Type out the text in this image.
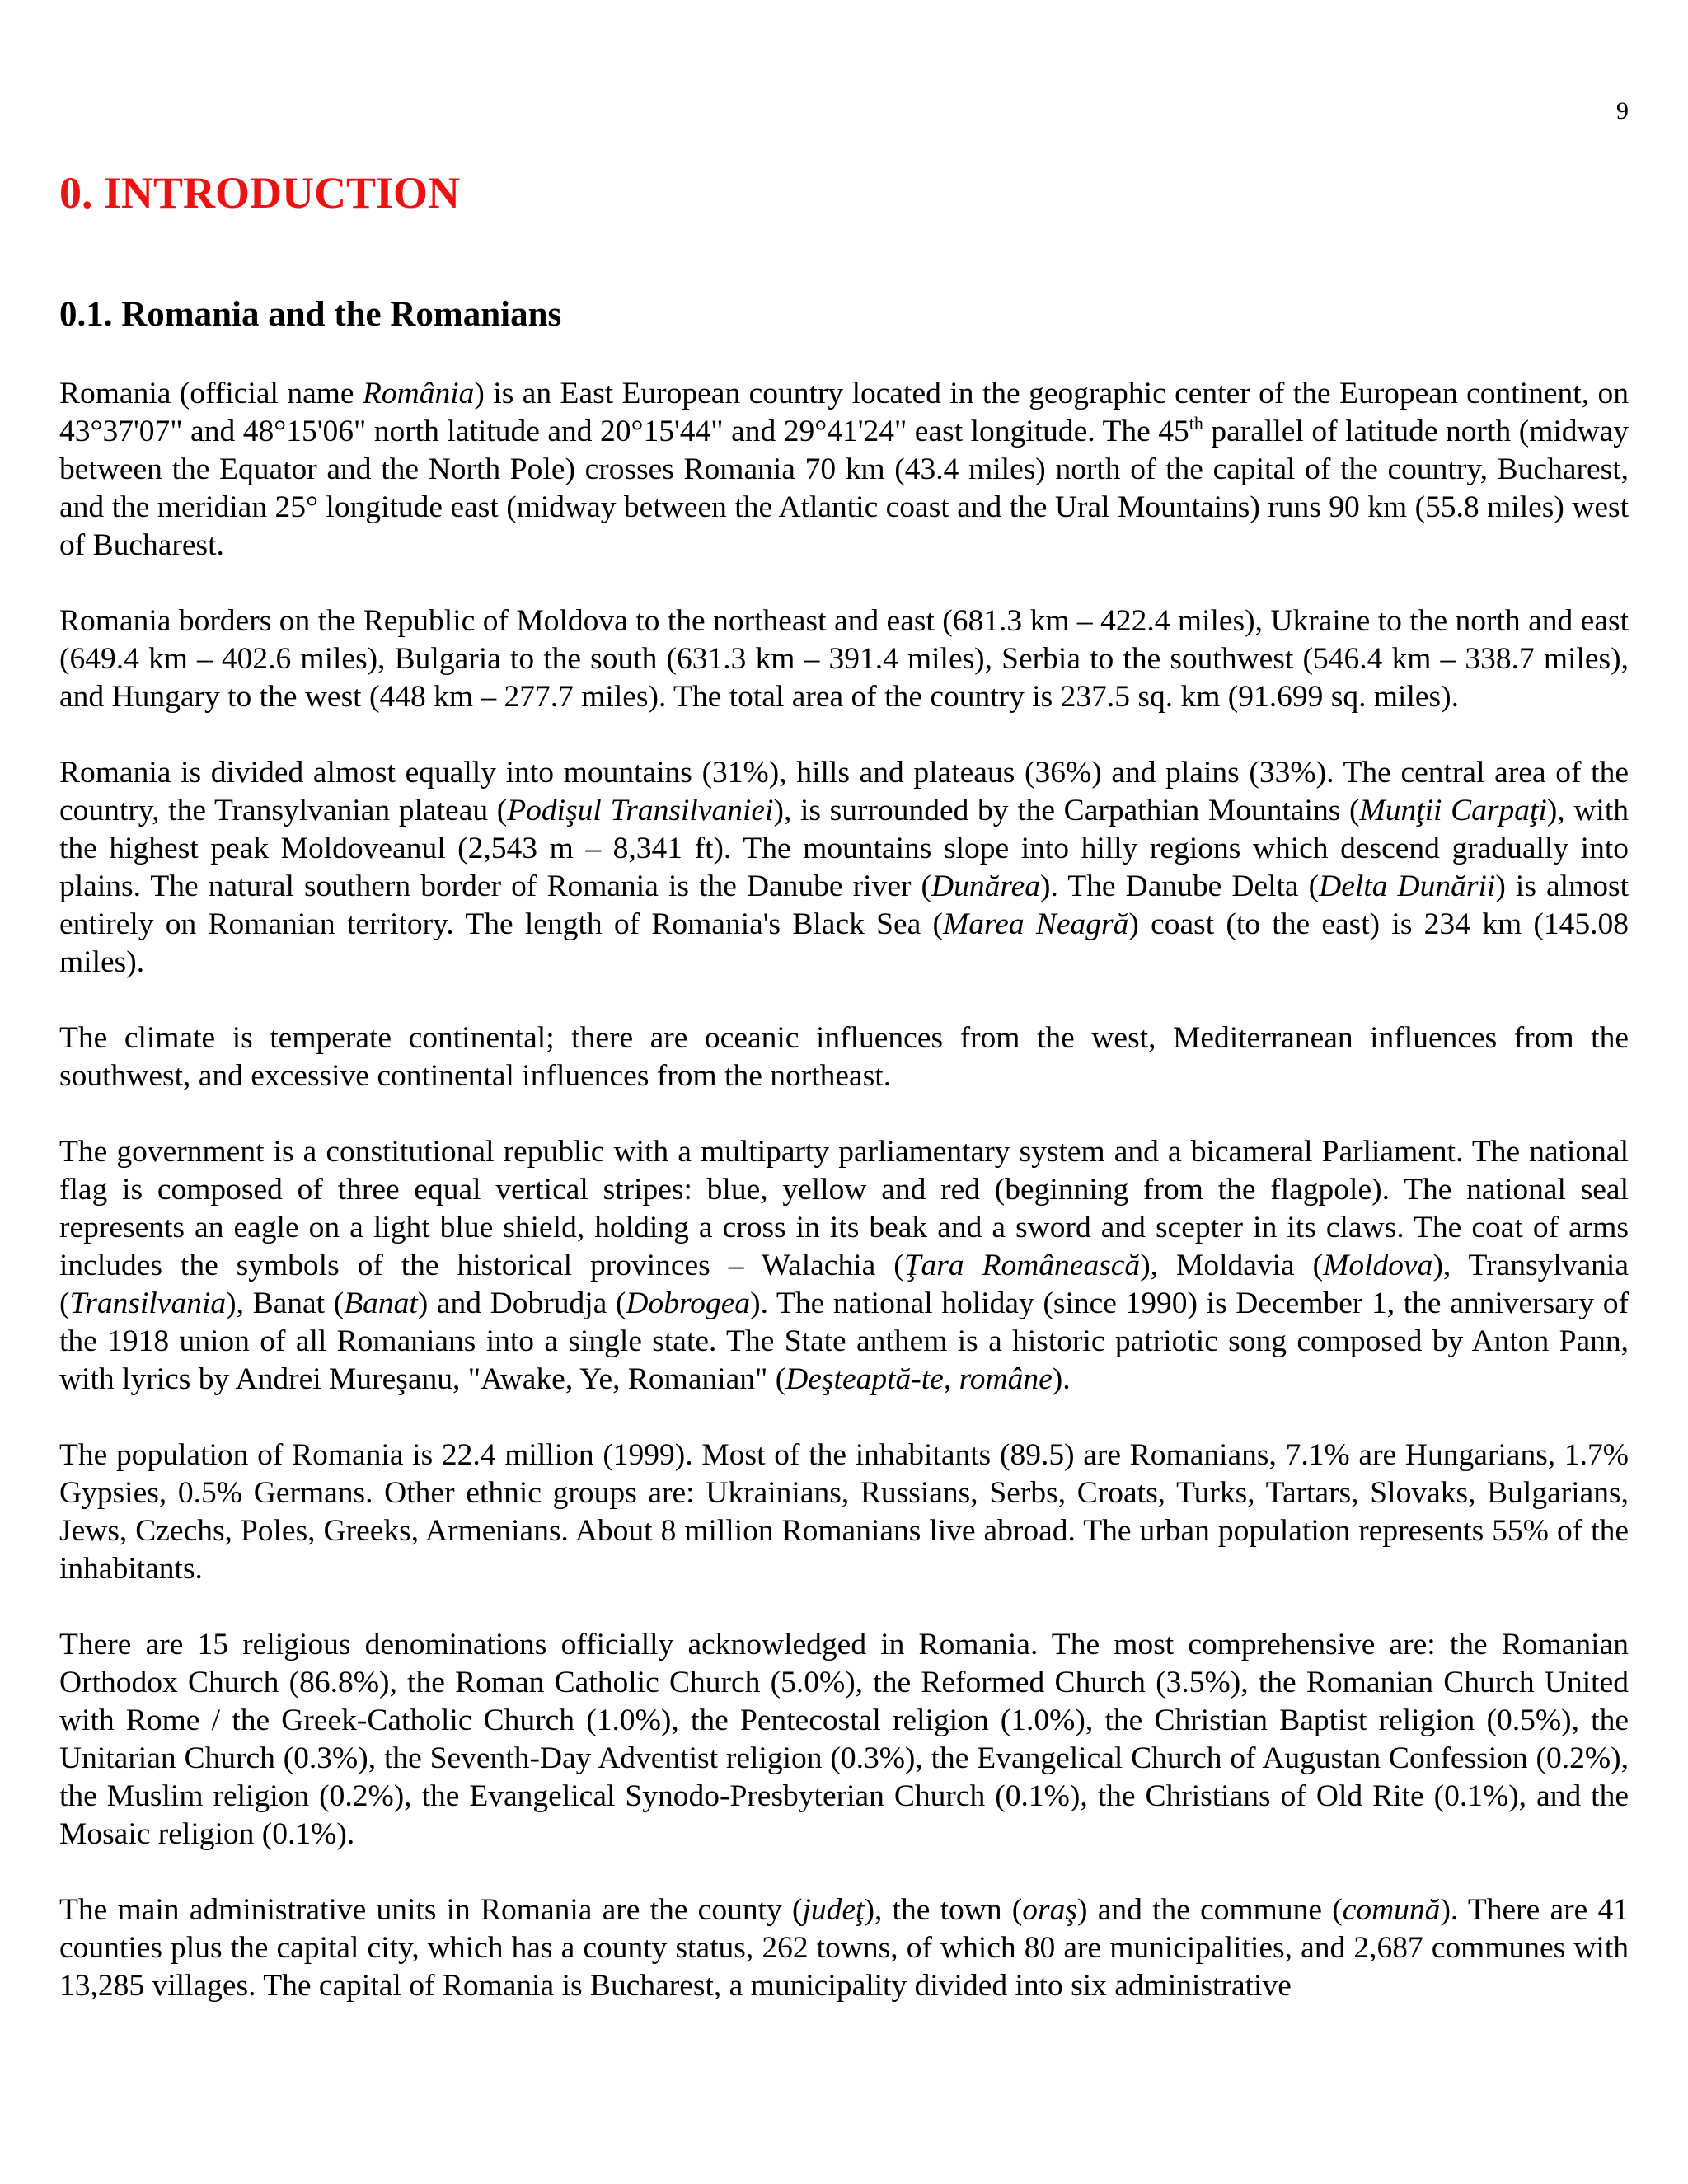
9
0. INTRODUCTION
0.1. Romania and the Romanians

Romania (official name România) is an East European country located in the geographic center of the European continent, on 43°37'07" and 48°15'06" north latitude and 20°15'44" and 29°41'24" east longitude. The 45th parallel of latitude north (midway between the Equator and the North Pole) crosses Romania 70 km (43.4 miles) north of the capital of the country, Bucharest, and the meridian 25° longitude east (midway between the Atlantic coast and the Ural Mountains) runs 90 km (55.8 miles) west of Bucharest.

Romania borders on the Republic of Moldova to the northeast and east (681.3 km – 422.4 miles), Ukraine to the north and east (649.4 km – 402.6 miles), Bulgaria to the south (631.3 km – 391.4 miles), Serbia to the southwest (546.4 km – 338.7 miles), and Hungary to the west (448 km – 277.7 miles). The total area of the country is 237.5 sq. km (91.699 sq. miles).

Romania is divided almost equally into mountains (31%), hills and plateaus (36%) and plains (33%). The central area of the country, the Transylvanian plateau (Podişul Transilvaniei), is surrounded by the Carpathian Mountains (Munţii Carpaţi), with the highest peak Moldoveanul (2,543 m – 8,341 ft). The mountains slope into hilly regions which descend gradually into plains. The natural southern border of Romania is the Danube river (Dunărea). The Danube Delta (Delta Dunării) is almost entirely on Romanian territory. The length of Romania's Black Sea (Marea Neagră) coast (to the east) is 234 km (145.08 miles).

The climate is temperate continental; there are oceanic influences from the west, Mediterranean influences from the southwest, and excessive continental influences from the northeast.

The government is a constitutional republic with a multiparty parliamentary system and a bicameral Parliament. The national flag is composed of three equal vertical stripes: blue, yellow and red (beginning from the flagpole). The national seal represents an eagle on a light blue shield, holding a cross in its beak and a sword and scepter in its claws. The coat of arms includes the symbols of the historical provinces – Walachia (Ţara Românească), Moldavia (Moldova), Transylvania (Transilvania), Banat (Banat) and Dobrudja (Dobrogea). The national holiday (since 1990) is December 1, the anniversary of the 1918 union of all Romanians into a single state. The State anthem is a historic patriotic song composed by Anton Pann, with lyrics by Andrei Mureşanu, "Awake, Ye, Romanian" (Deşteaptă-te, române).

The population of Romania is 22.4 million (1999). Most of the inhabitants (89.5) are Romanians, 7.1% are Hungarians, 1.7% Gypsies, 0.5% Germans. Other ethnic groups are: Ukrainians, Russians, Serbs, Croats, Turks, Tartars, Slovaks, Bulgarians, Jews, Czechs, Poles, Greeks, Armenians. About 8 million Romanians live abroad. The urban population represents 55% of the inhabitants.

There are 15 religious denominations officially acknowledged in Romania. The most comprehensive are: the Romanian Orthodox Church (86.8%), the Roman Catholic Church (5.0%), the Reformed Church (3.5%), the Romanian Church United with Rome / the Greek-Catholic Church (1.0%), the Pentecostal religion (1.0%), the Christian Baptist religion (0.5%), the Unitarian Church (0.3%), the Seventh-Day Adventist religion (0.3%), the Evangelical Church of Augustan Confession (0.2%), the Muslim religion (0.2%), the Evangelical Synodo-Presbyterian Church (0.1%), the Christians of Old Rite (0.1%), and the Mosaic religion (0.1%).

The main administrative units in Romania are the county (judeţ), the town (oraş) and the commune (comună). There are 41 counties plus the capital city, which has a county status, 262 towns, of which 80 are municipalities, and 2,687 communes with 13,285 villages. The capital of Romania is Bucharest, a municipality divided into six administrative
